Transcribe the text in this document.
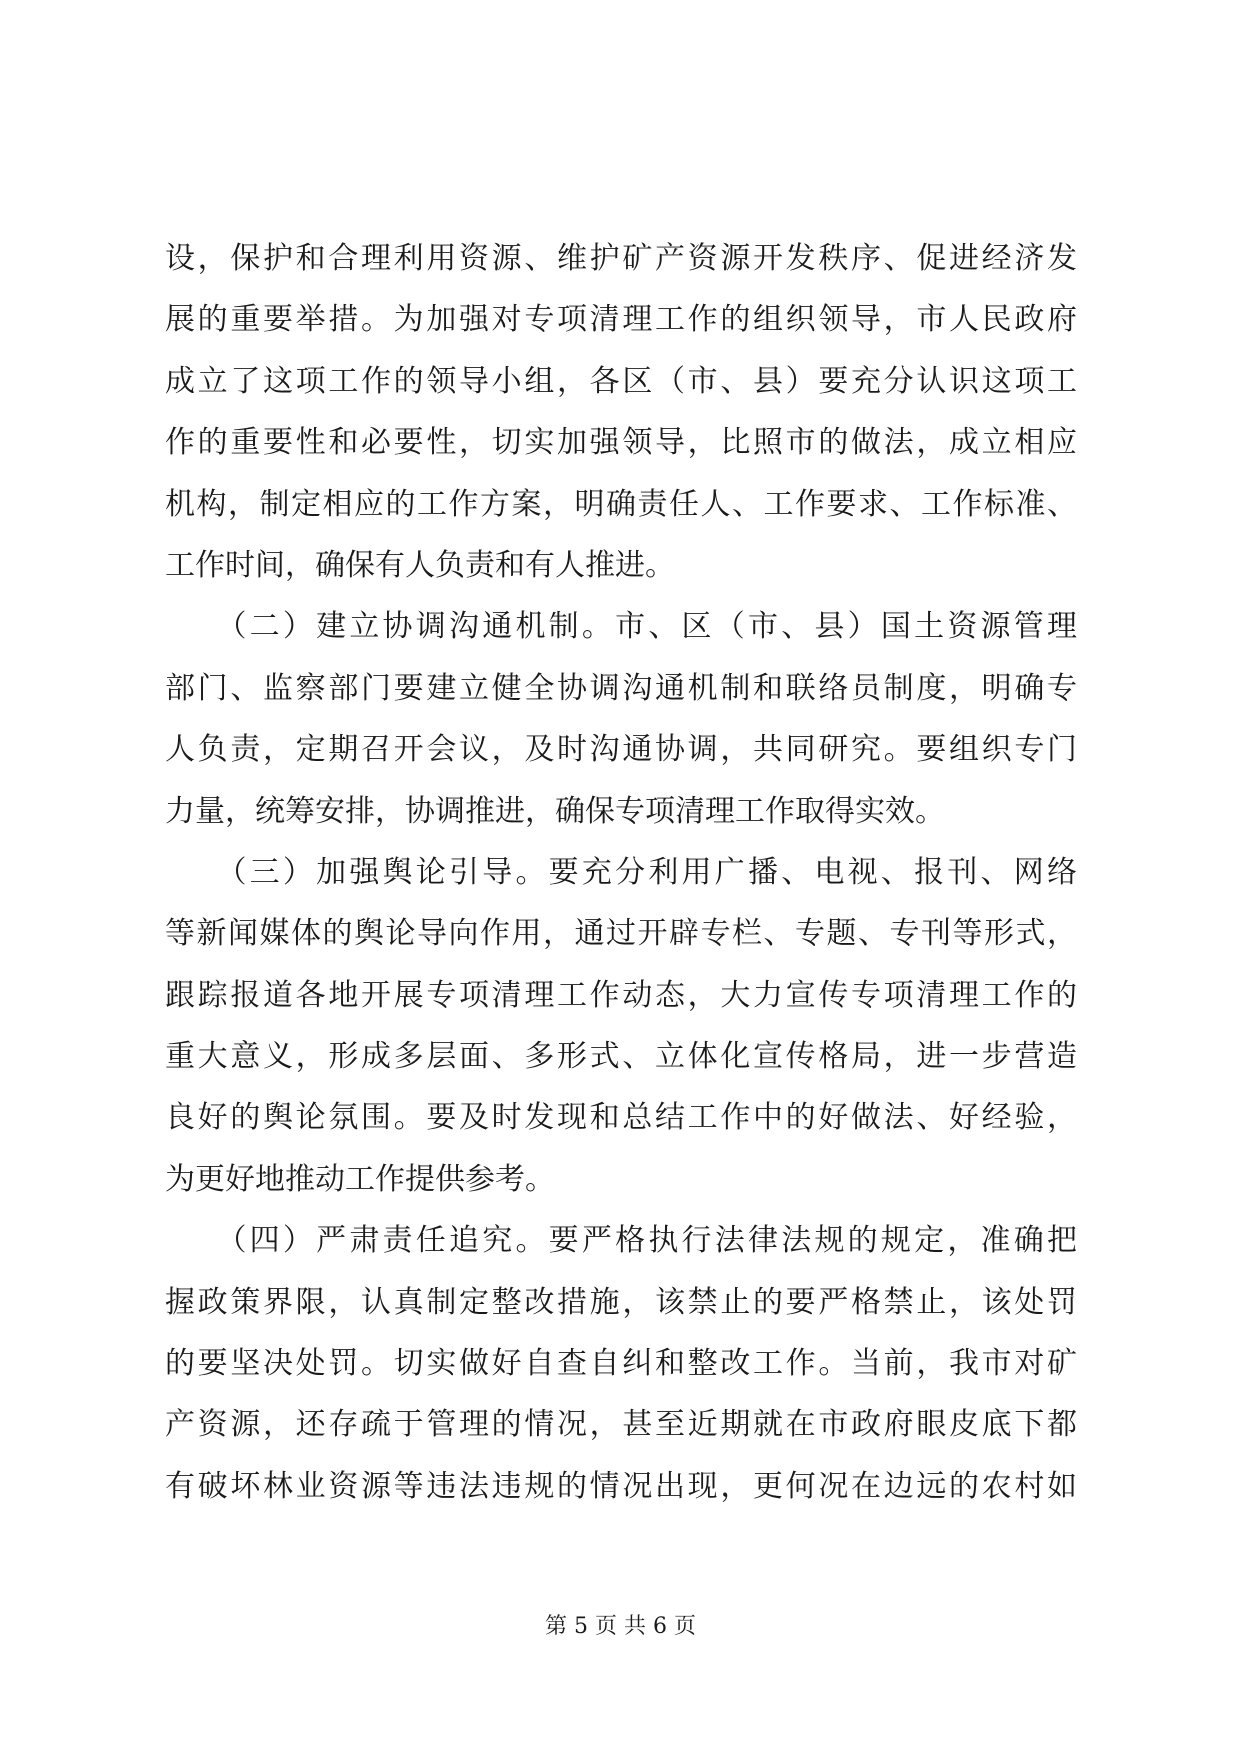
设，保护和合理利用资源、维护矿产资源开发秩序、促进经济发
展的重要举措。为加强对专项清理工作的组织领导，市人民政府
成立了这项工作的领导小组，各区（市、县）要充分认识这项工
作的重要性和必要性，切实加强领导，比照市的做法，成立相应
机构，制定相应的工作方案，明确责任人、工作要求、工作标准、
工作时间，确保有人负责和有人推进。
　　（二）建立协调沟通机制。市、区（市、县）国土资源管理
部门、监察部门要建立健全协调沟通机制和联络员制度，明确专
人负责，定期召开会议，及时沟通协调，共同研究。要组织专门
力量，统筹安排，协调推进，确保专项清理工作取得实效。
　　（三）加强舆论引导。要充分利用广播、电视、报刊、网络
等新闻媒体的舆论导向作用，通过开辟专栏、专题、专刊等形式，
跟踪报道各地开展专项清理工作动态，大力宣传专项清理工作的
重大意义，形成多层面、多形式、立体化宣传格局，进一步营造
良好的舆论氛围。要及时发现和总结工作中的好做法、好经验，
为更好地推动工作提供参考。
　　（四）严肃责任追究。要严格执行法律法规的规定，准确把
握政策界限，认真制定整改措施，该禁止的要严格禁止，该处罚
的要坚决处罚。切实做好自查自纠和整改工作。当前，我市对矿
产资源，还存疏于管理的情况，甚至近期就在市政府眼皮底下都
有破坏林业资源等违法违规的情况出现，更何况在边远的农村如
第 5 页 共 6 页
